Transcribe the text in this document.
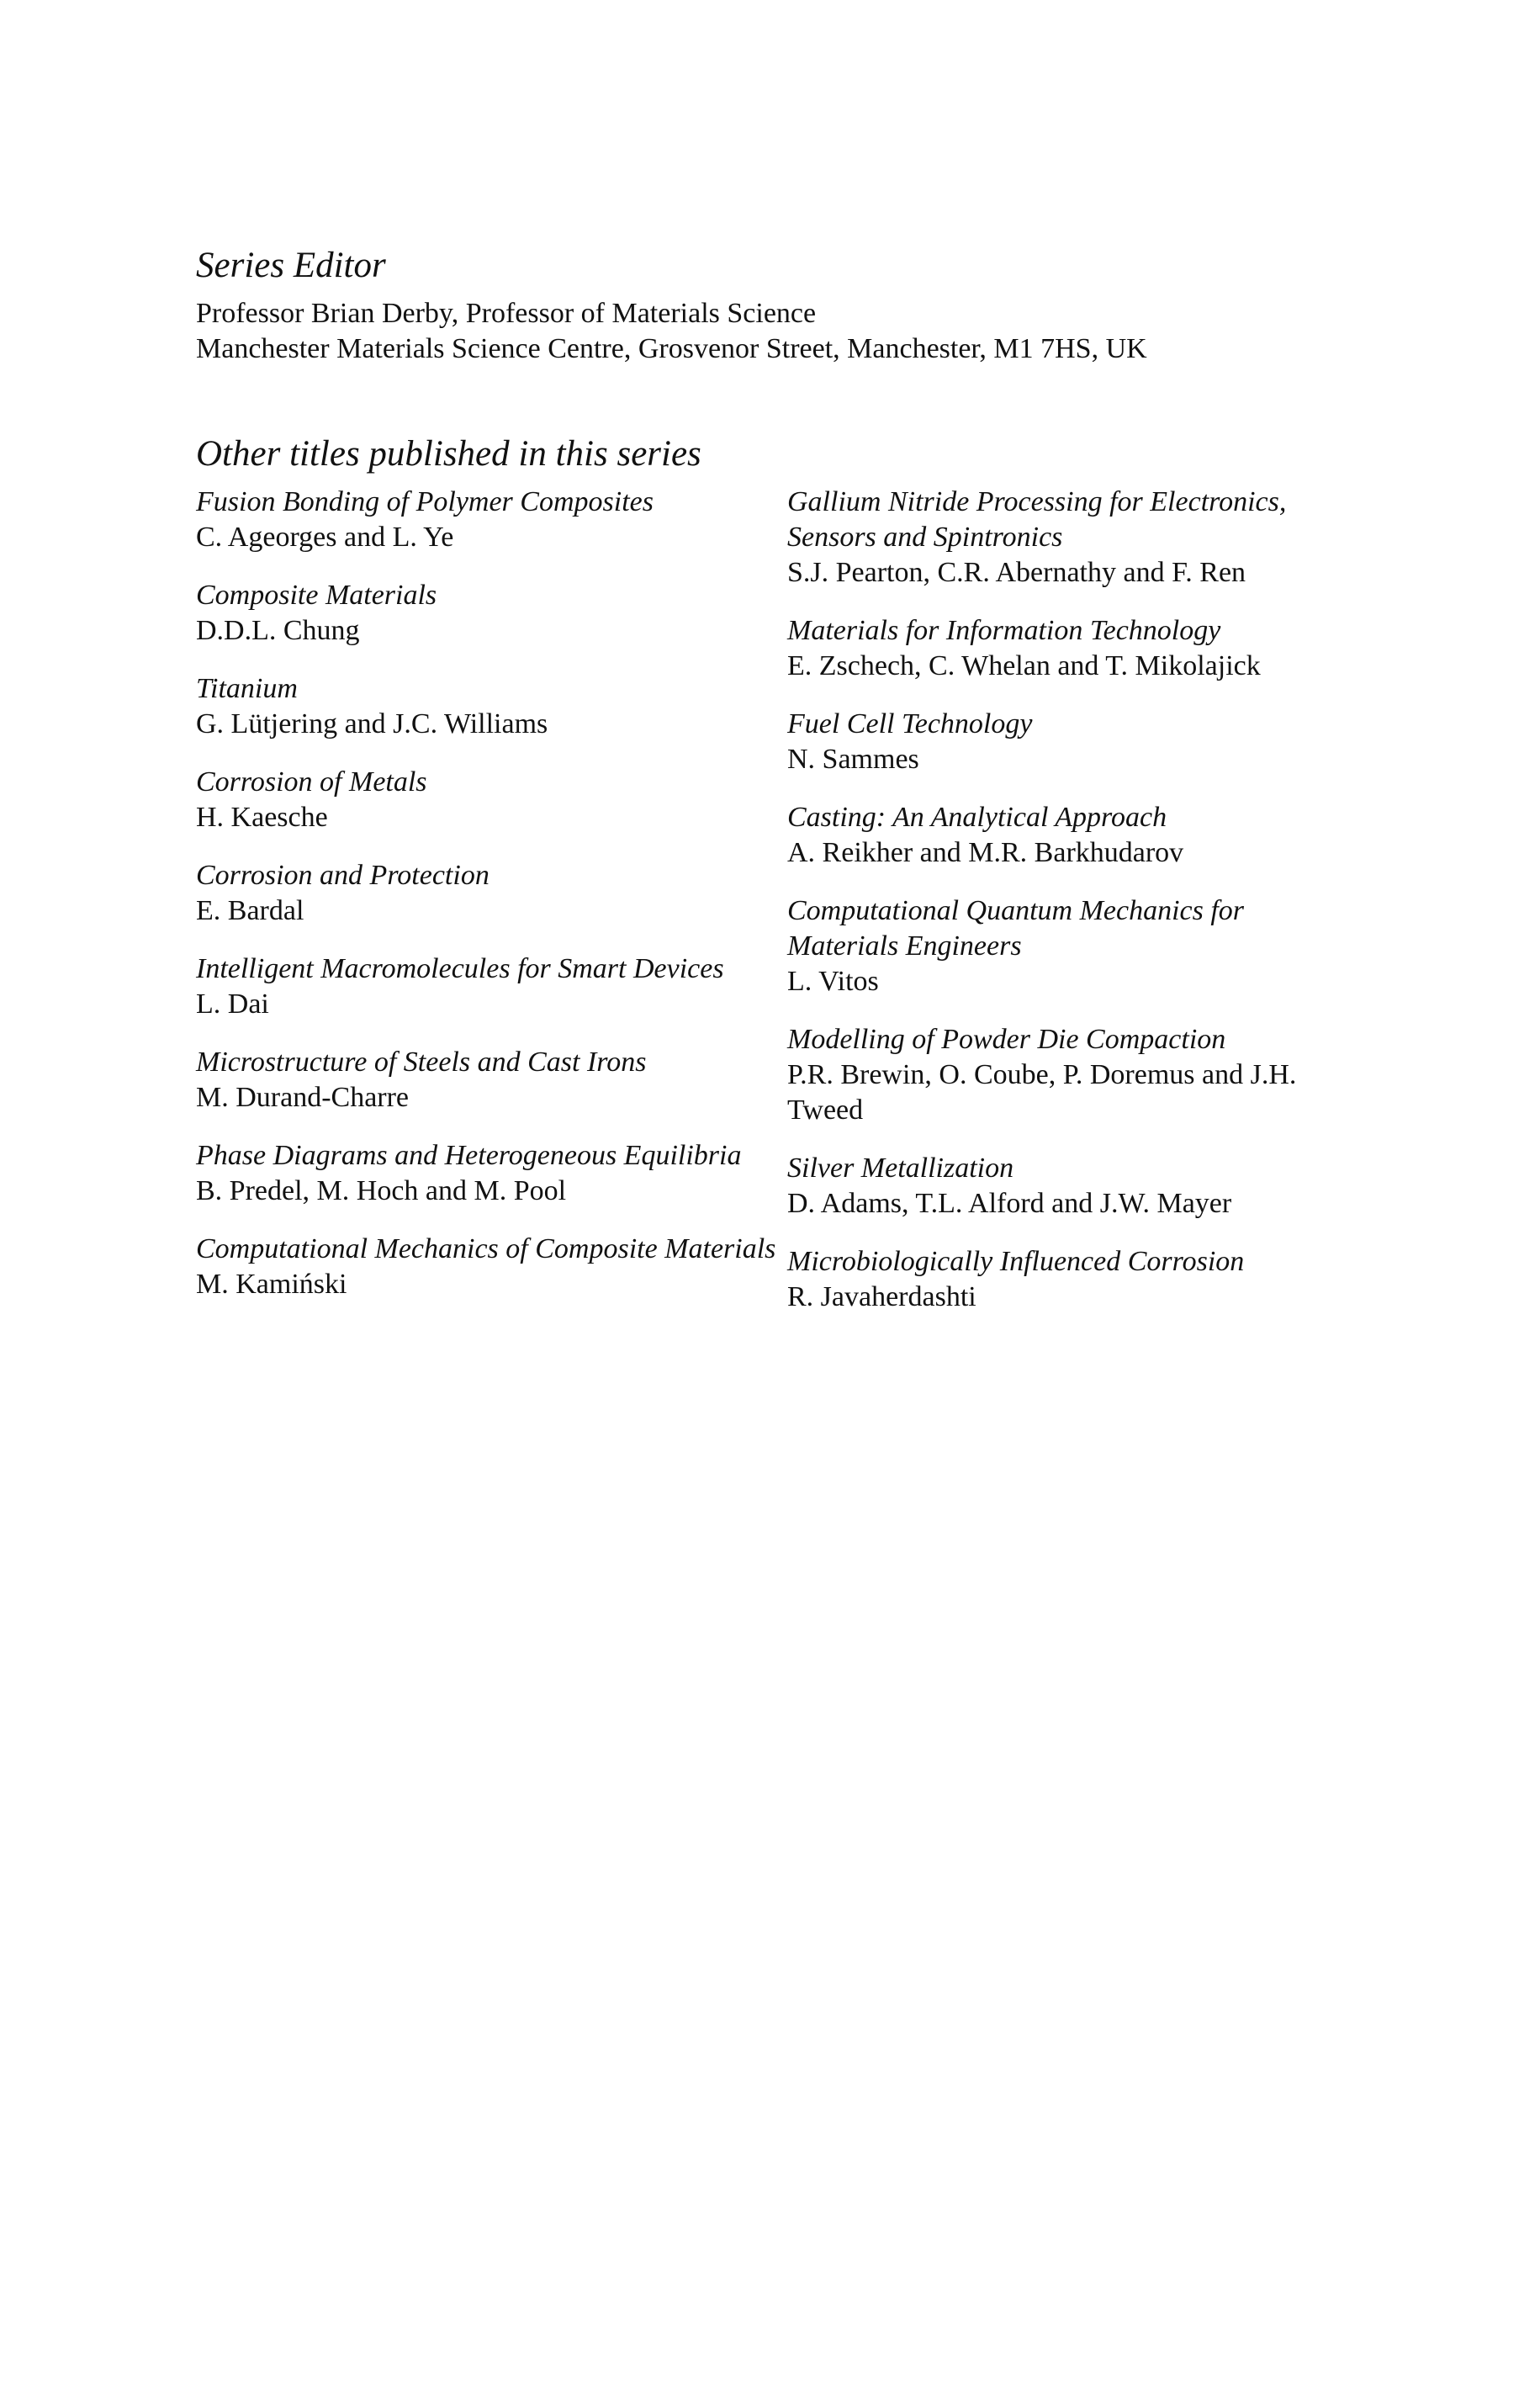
Series Editor

Professor Brian Derby, Professor of Materials Science

Manchester Materials Science Centre, Grosvenor Street, Manchester, M1 7HS, UK

Other titles published in this series
Fusion Bonding of Polymer Composites
C. Ageorges and L. Ye
Composite Materials
D.D.L. Chung
Titanium
G. Lütjering and J.C. Williams
Corrosion of Metals
H. Kaesche
Corrosion and Protection
E. Bardal
Intelligent Macromolecules for Smart Devices
L. Dai
Microstructure of Steels and Cast Irons
M. Durand-Charre
Phase Diagrams and Heterogeneous Equilibria
B. Predel, M. Hoch and M. Pool
Computational Mechanics of Composite Materials
M. Kamiński
Gallium Nitride Processing for Electronics, Sensors and Spintronics
S.J. Pearton, C.R. Abernathy and F. Ren
Materials for Information Technology
E. Zschech, C. Whelan and T. Mikolajick
Fuel Cell Technology
N. Sammes
Casting: An Analytical Approach
A. Reikher and M.R. Barkhudarov
Computational Quantum Mechanics for Materials Engineers
L. Vitos
Modelling of Powder Die Compaction
P.R. Brewin, O. Coube, P. Doremus and J.H. Tweed
Silver Metallization
D. Adams, T.L. Alford and J.W. Mayer
Microbiologically Influenced Corrosion
R. Javaherdashti
